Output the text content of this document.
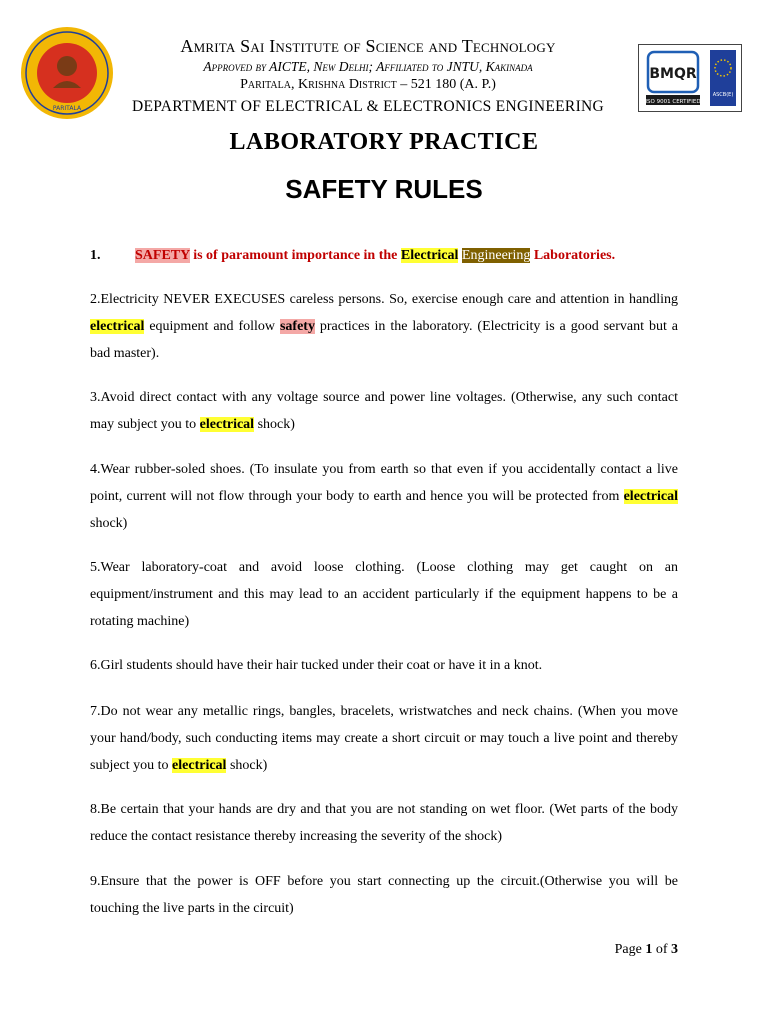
PARITALA
Amrita Sai Institute of Science and Technology
Approved by AICTE, New Delhi; Affiliated to JNTU, Kakinada
Paritala, Krishna District – 521 180 (A. P.)
DEPARTMENT OF ELECTRICAL & ELECTRONICS ENGINEERING
BMQR
ISO 9001 CERTIFIED
ASCB(E)
LABORATORY PRACTICE
SAFETY RULES
1. SAFETY is of paramount importance in the Electrical Engineering Laboratories.
2.Electricity NEVER EXECUSES careless persons. So, exercise enough care and attention in handling electrical equipment and follow safety practices in the laboratory. (Electricity is a good servant but a bad master).
3.Avoid direct contact with any voltage source and power line voltages. (Otherwise, any such contact may subject you to electrical shock)
4.Wear rubber-soled shoes. (To insulate you from earth so that even if you accidentally contact a live point, current will not flow through your body to earth and hence you will be protected from electrical shock)
5.Wear laboratory-coat and avoid loose clothing. (Loose clothing may get caught on an equipment/instrument and this may lead to an accident particularly if the equipment happens to be a rotating machine)
6.Girl students should have their hair tucked under their coat or have it in a knot.
7.Do not wear any metallic rings, bangles, bracelets, wristwatches and neck chains. (When you move your hand/body, such conducting items may create a short circuit or may touch a live point and thereby subject you to electrical shock)
8.Be certain that your hands are dry and that you are not standing on wet floor. (Wet parts of the body reduce the contact resistance thereby increasing the severity of the shock)
9.Ensure that the power is OFF before you start connecting up the circuit.(Otherwise you will be touching the live parts in the circuit)
Page 1 of 3
